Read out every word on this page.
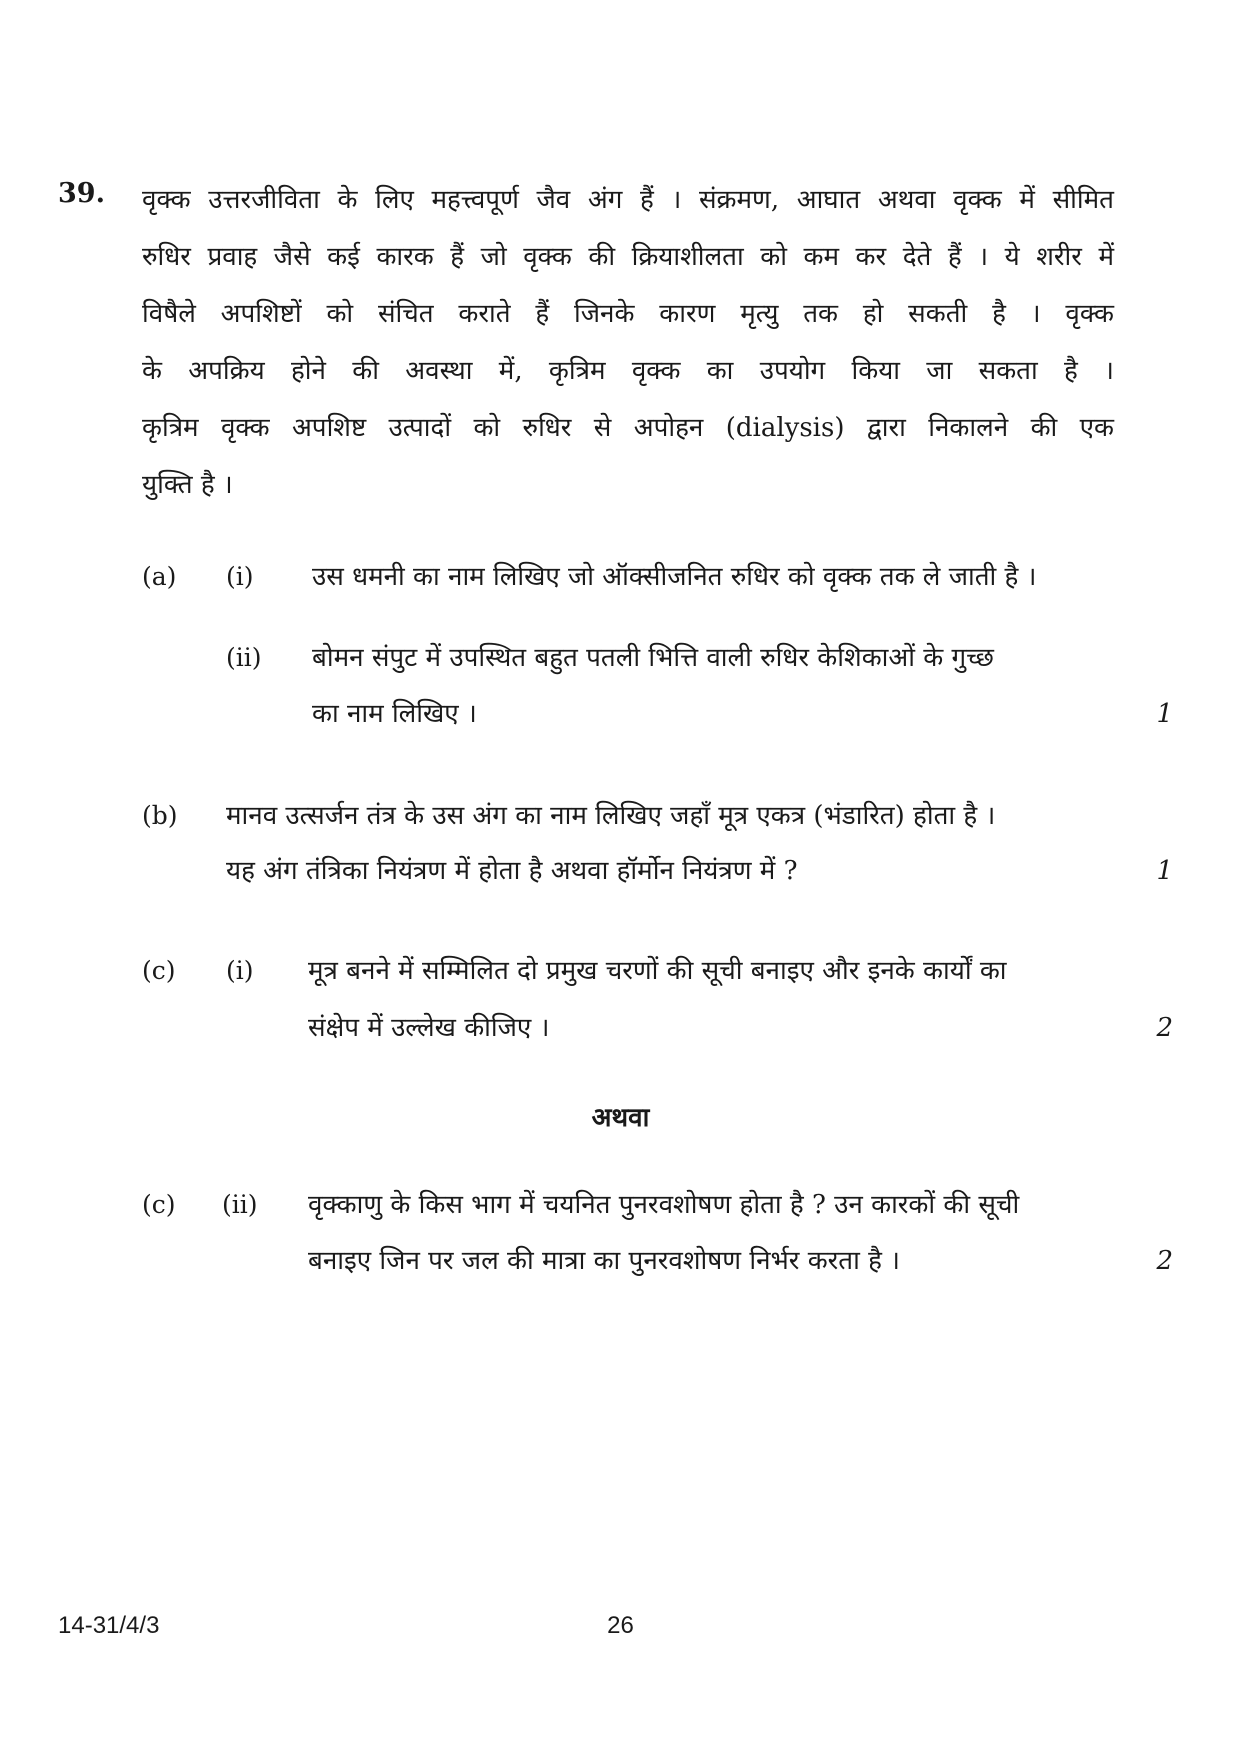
39. वृक्क उत्तरजीविता के लिए महत्त्वपूर्ण जैव अंग हैं । संक्रमण, आघात अथवा वृक्क में सीमित
रुधिर प्रवाह जैसे कई कारक हैं जो वृक्क की क्रियाशीलता को कम कर देते हैं । ये शरीर में
विषैले अपशिष्टों को संचित कराते हैं जिनके कारण मृत्यु तक हो सकती है । वृक्क
के अपक्रिय होने की अवस्था में, कृत्रिम वृक्क का उपयोग किया जा सकता है ।
कृत्रिम वृक्क अपशिष्ट उत्पादों को रुधिर से अपोहन (dialysis) द्वारा निकालने की एक
युक्ति है ।
(a) (i) उस धमनी का नाम लिखिए जो ऑक्सीजनित रुधिर को वृक्क तक ले जाती है ।
(ii) बोमन संपुट में उपस्थित बहुत पतली भित्ति वाली रुधिर केशिकाओं के गुच्छ
का नाम लिखिए ।	1
(b) मानव उत्सर्जन तंत्र के उस अंग का नाम लिखिए जहाँ मूत्र एकत्र (भंडारित) होता है ।
यह अंग तंत्रिका नियंत्रण में होता है अथवा हॉर्मोन नियंत्रण में ?	1
(c) (i) मूत्र बनने में सम्मिलित दो प्रमुख चरणों की सूची बनाइए और इनके कार्यों का
संक्षेप में उल्लेख कीजिए ।	2
अथवा
(c) (ii) वृक्काणु के किस भाग में चयनित पुनरवशोषण होता है ? उन कारकों की सूची
बनाइए जिन पर जल की मात्रा का पुनरवशोषण निर्भर करता है ।	2
14-31/4/3	26
